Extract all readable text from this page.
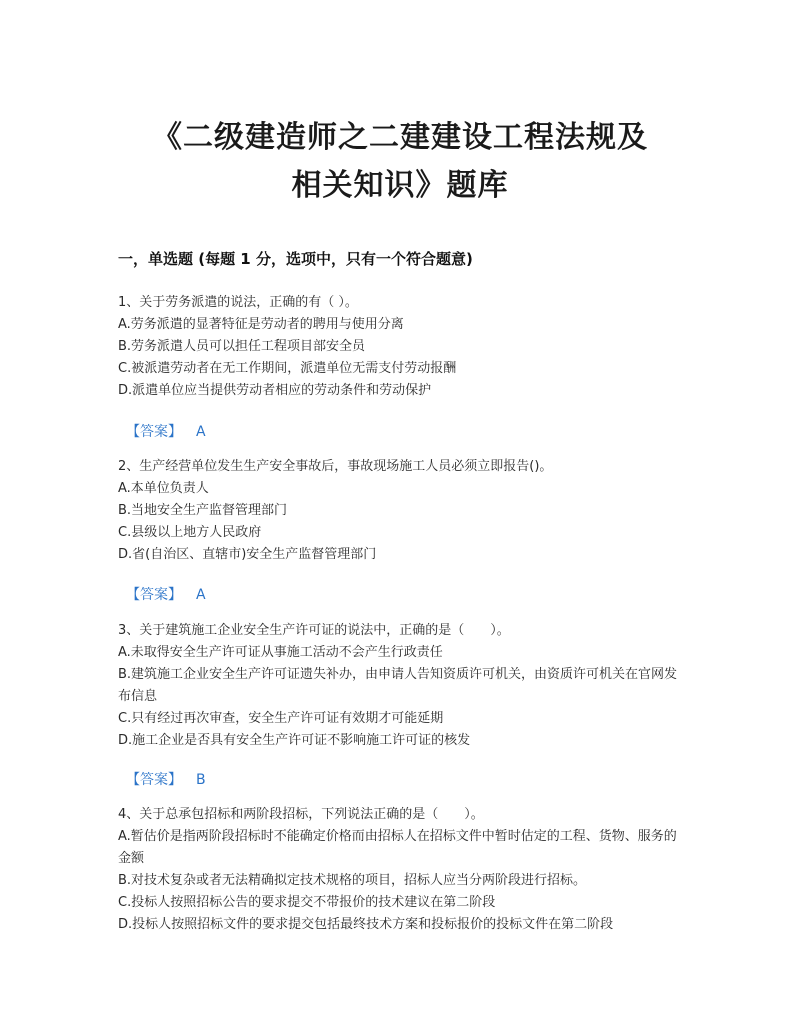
《二级建造师之二建建设工程法规及
相关知识》题库
一，单选题 (每题 1 分，选项中，只有一个符合题意)
1、关于劳务派遣的说法，正确的有（ ）。
A.劳务派遣的显著特征是劳动者的聘用与使用分离
B.劳务派遣人员可以担任工程项目部安全员
C.被派遣劳动者在无工作期间，派遣单位无需支付劳动报酬
D.派遣单位应当提供劳动者相应的劳动条件和劳动保护
【答案】 A
2、生产经营单位发生生产安全事故后，事故现场施工人员必须立即报告()。
A.本单位负责人
B.当地安全生产监督管理部门
C.县级以上地方人民政府
D.省(自治区、直辖市)安全生产监督管理部门
【答案】 A
3、关于建筑施工企业安全生产许可证的说法中，正确的是（　　）。
A.未取得安全生产许可证从事施工活动不会产生行政责任
B.建筑施工企业安全生产许可证遗失补办，由申请人告知资质许可机关，由资质许可机关在官网发布信息
C.只有经过再次审查，安全生产许可证有效期才可能延期
D.施工企业是否具有安全生产许可证不影响施工许可证的核发
【答案】 B
4、关于总承包招标和两阶段招标，下列说法正确的是（　　）。
A.暂估价是指两阶段招标时不能确定价格而由招标人在招标文件中暂时估定的工程、货物、服务的金额
B.对技术复杂或者无法精确拟定技术规格的项目，招标人应当分两阶段进行招标。
C.投标人按照招标公告的要求提交不带报价的技术建议在第二阶段
D.投标人按照招标文件的要求提交包括最终技术方案和投标报价的投标文件在第二阶段
